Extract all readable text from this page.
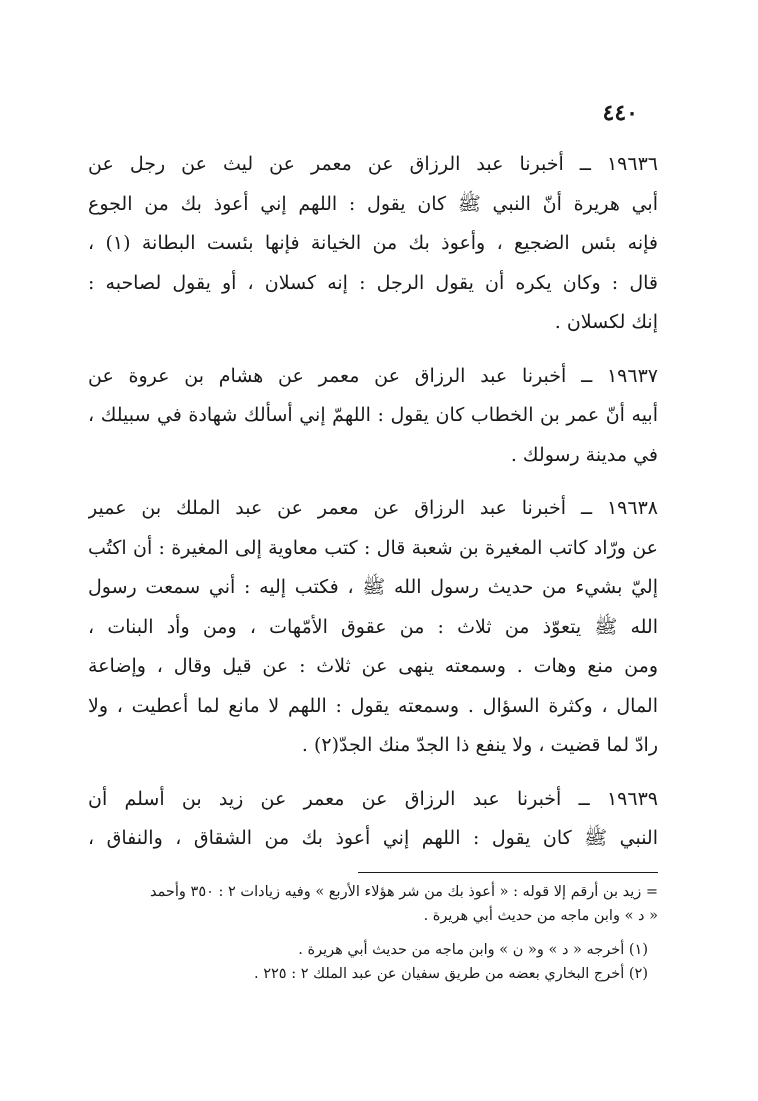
٤٤٠
١٩٦٣٦ ــ أخبرنا عبد الرزاق عن معمر عن ليث عن رجل عن
أبي هريرة أنّ النبي ﷺ كان يقول : اللهم إني أعوذ بك من الجوع
فإنه بئس الضجيع ، وأعوذ بك من الخيانة فإنها بئست البطانة (١) ،
قال : وكان يكره أن يقول الرجل : إنه كسلان ، أو يقول لصاحبه :
إنك لكسلان .
١٩٦٣٧ ــ أخبرنا عبد الرزاق عن معمر عن هشام بن عروة عن
أبيه أنّ عمر بن الخطاب كان يقول : اللهمّ إني أسألك شهادة في سبيلك ،
في مدينة رسولك .
١٩٦٣٨ ــ أخبرنا عبد الرزاق عن معمر عن عبد الملك بن عمير
عن ورّاد كاتب المغيرة بن شعبة قال : كتب معاوية إلى المغيرة : أن اكتُب
إليّ بشيء من حديث رسول الله ﷺ ، فكتب إليه : أني سمعت رسول
الله ﷺ يتعوّذ من ثلاث : من عقوق الأمّهات ، ومن وأد البنات ،
ومن منع وهات . وسمعته ينهى عن ثلاث : عن قيل وقال ، وإضاعة
المال ، وكثرة السؤال . وسمعته يقول : اللهم لا مانع لما أعطيت ، ولا
رادّ لما قضيت ، ولا ينفع ذا الجدّ منك الجدّ(٢) .
١٩٦٣٩ ــ أخبرنا عبد الرزاق عن معمر عن زيد بن أسلم أن
النبي ﷺ كان يقول : اللهم إني أعوذ بك من الشقاق ، والنفاق ،
= زيد بن أرقم إلا قوله : « أعوذ بك من شر هؤلاء الأربع » وفيه زيادات ٢ : ٣٥٠ وأحمد
« د » وابن ماجه من حديث أبي هريرة .
(١) أخرجه « د » و« ن » وابن ماجه من حديث أبي هريرة .
(٢) أخرج البخاري بعضه من طريق سفيان عن عبد الملك ٢ : ٢٢٥ .
